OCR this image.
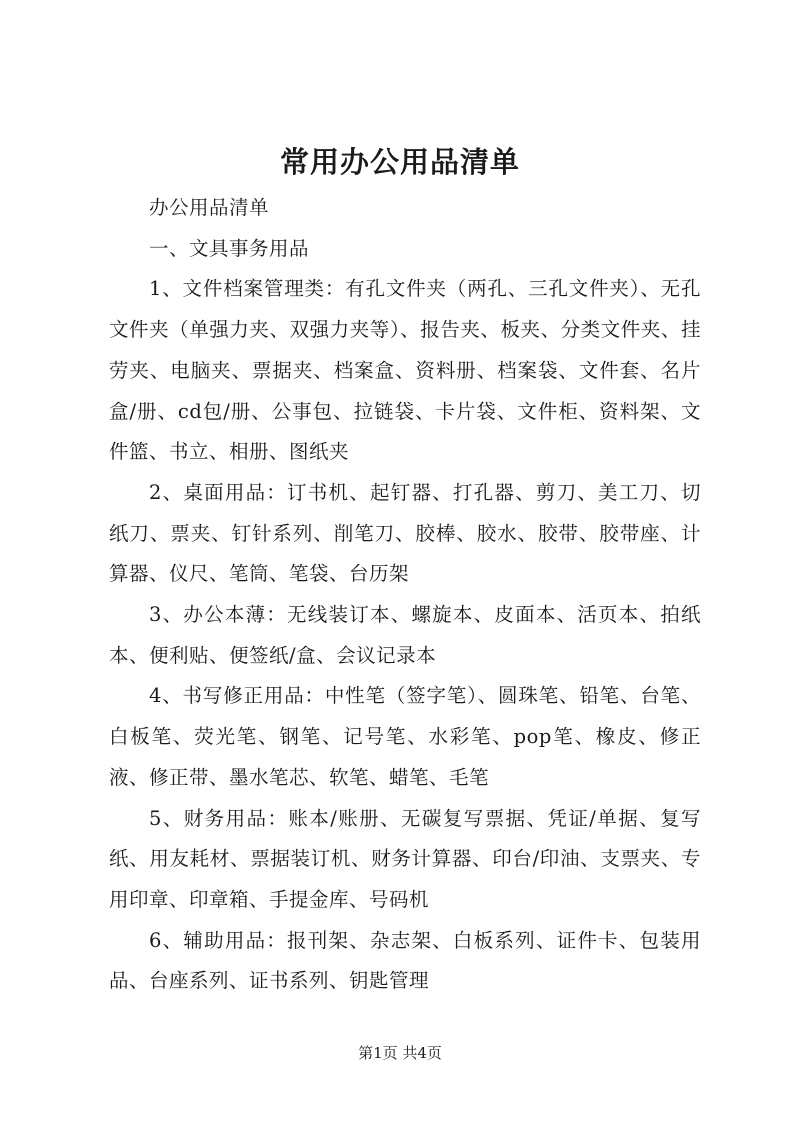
常用办公用品清单

办公用品清单

一、文具事务用品

1、文件档案管理类：有孔文件夹（两孔、三孔文件夹）、无孔文件夹（单强力夹、双强力夹等）、报告夹、板夹、分类文件夹、挂劳夹、电脑夹、票据夹、档案盒、资料册、档案袋、文件套、名片盒/册、cd包/册、公事包、拉链袋、卡片袋、文件柜、资料架、文件篮、书立、相册、图纸夹

2、桌面用品：订书机、起钉器、打孔器、剪刀、美工刀、切纸刀、票夹、钉针系列、削笔刀、胶棒、胶水、胶带、胶带座、计算器、仪尺、笔筒、笔袋、台历架

3、办公本薄：无线装订本、螺旋本、皮面本、活页本、拍纸本、便利贴、便签纸/盒、会议记录本

4、书写修正用品：中性笔（签字笔）、圆珠笔、铅笔、台笔、白板笔、荧光笔、钢笔、记号笔、水彩笔、pop笔、橡皮、修正液、修正带、墨水笔芯、软笔、蜡笔、毛笔

5、财务用品：账本/账册、无碳复写票据、凭证/单据、复写纸、用友耗材、票据装订机、财务计算器、印台/印油、支票夹、专用印章、印章箱、手提金库、号码机

6、辅助用品：报刊架、杂志架、白板系列、证件卡、包装用品、台座系列、证书系列、钥匙管理

第1页 共4页
